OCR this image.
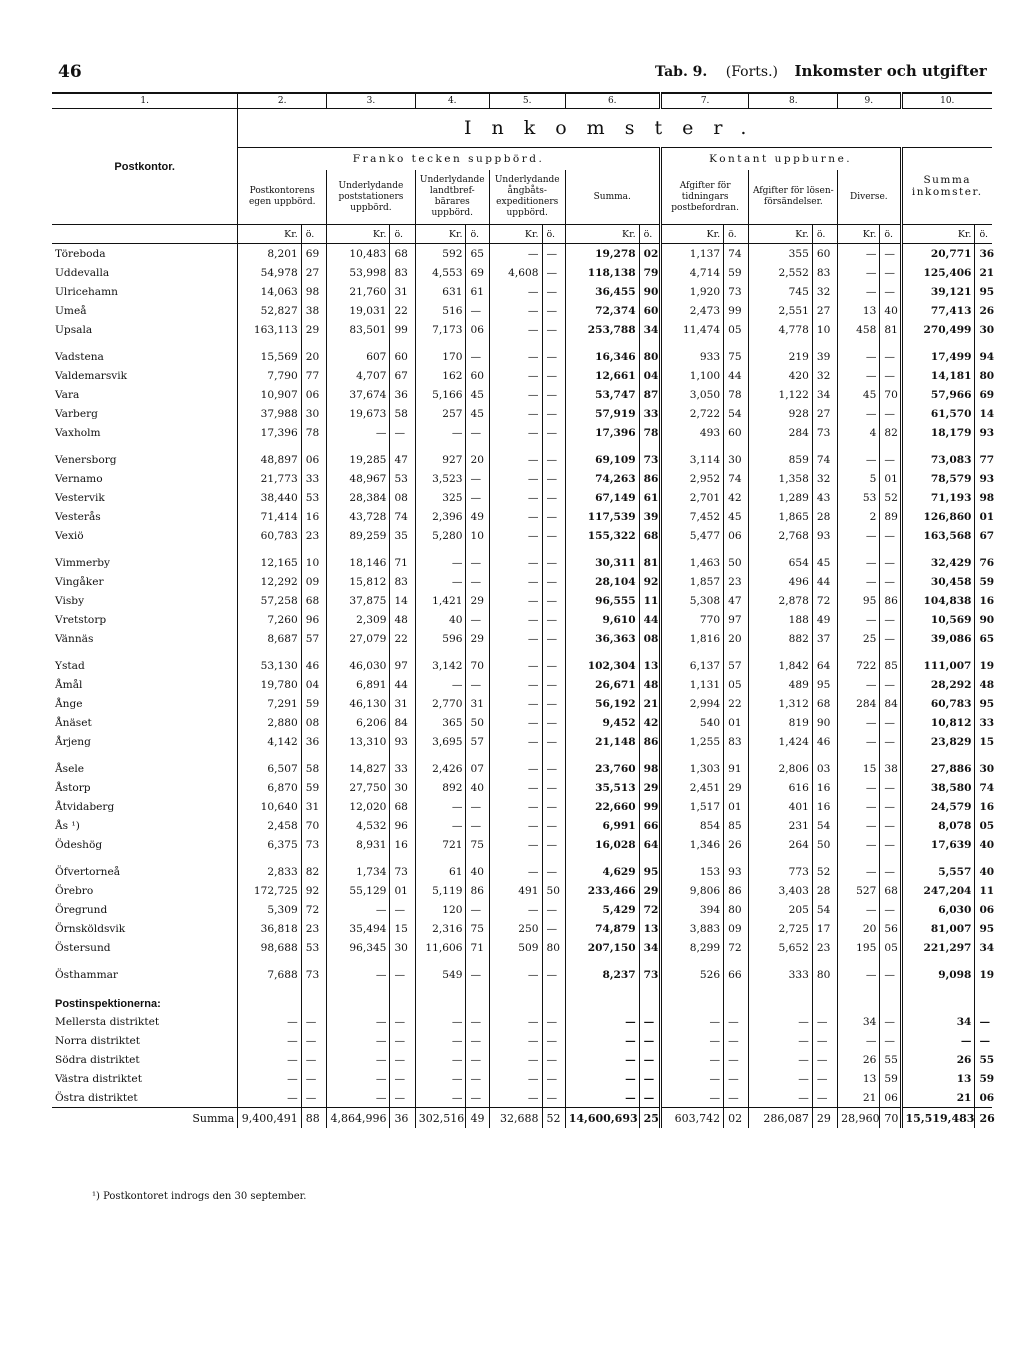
46	Tab. 9. (Forts.) Inkomster och utgifter
1.	2.		3.		4.		5.		6.		7.		8.		9.		10.	
Postkontor.	Inkomster.																	
	Franko tecken suppbörd.										Kontant uppburne.						Summa inkomster.	
	Postkontorens egen uppbörd.		Underlydande poststationers uppbörd.		Underlydande landtbref-bärares uppbörd.		Underlydande ångbåts-expeditioners uppbörd.		Summa.		Afgifter för tidningars postbefordran.		Afgifter för lösen-försändelser.		Diverse.			
	Kr.	ö.	Kr.	ö.	Kr.	ö.	Kr.	ö.	Kr.	ö.	Kr.	ö.	Kr.	ö.	Kr.	ö.	Kr.	ö.
Töreboda	8,201	69	10,483	68	592	65	—	—	19,278	02	1,137	74	355	60	—	—	20,771	36
Uddevalla	54,978	27	53,998	83	4,553	69	4,608	—	118,138	79	4,714	59	2,552	83	—	—	125,406	21
Ulricehamn	14,063	98	21,760	31	631	61	—	—	36,455	90	1,920	73	745	32	—	—	39,121	95
Umeå	52,827	38	19,031	22	516	—	—	—	72,374	60	2,473	99	2,551	27	13	40	77,413	26
Upsala	163,113	29	83,501	99	7,173	06	—	—	253,788	34	11,474	05	4,778	10	458	81	270,499	30

Vadstena	15,569	20	607	60	170	—	—	—	16,346	80	933	75	219	39	—	—	17,499	94
Valdemarsvik	7,790	77	4,707	67	162	60	—	—	12,661	04	1,100	44	420	32	—	—	14,181	80
Vara	10,907	06	37,674	36	5,166	45	—	—	53,747	87	3,050	78	1,122	34	45	70	57,966	69
Varberg	37,988	30	19,673	58	257	45	—	—	57,919	33	2,722	54	928	27	—	—	61,570	14
Vaxholm	17,396	78	—	—	—	—	—	—	17,396	78	493	60	284	73	4	82	18,179	93

Venersborg	48,897	06	19,285	47	927	20	—	—	69,109	73	3,114	30	859	74	—	—	73,083	77
Vernamo	21,773	33	48,967	53	3,523	—	—	—	74,263	86	2,952	74	1,358	32	5	01	78,579	93
Vestervik	38,440	53	28,384	08	325	—	—	—	67,149	61	2,701	42	1,289	43	53	52	71,193	98
Vesterås	71,414	16	43,728	74	2,396	49	—	—	117,539	39	7,452	45	1,865	28	2	89	126,860	01
Vexiö	60,783	23	89,259	35	5,280	10	—	—	155,322	68	5,477	06	2,768	93	—	—	163,568	67

Vimmerby	12,165	10	18,146	71	—	—	—	—	30,311	81	1,463	50	654	45	—	—	32,429	76
Vingåker	12,292	09	15,812	83	—	—	—	—	28,104	92	1,857	23	496	44	—	—	30,458	59
Visby	57,258	68	37,875	14	1,421	29	—	—	96,555	11	5,308	47	2,878	72	95	86	104,838	16
Vretstorp	7,260	96	2,309	48	40	—	—	—	9,610	44	770	97	188	49	—	—	10,569	90
Vännäs	8,687	57	27,079	22	596	29	—	—	36,363	08	1,816	20	882	37	25	—	39,086	65

Ystad	53,130	46	46,030	97	3,142	70	—	—	102,304	13	6,137	57	1,842	64	722	85	111,007	19
Åmål	19,780	04	6,891	44	—	—	—	—	26,671	48	1,131	05	489	95	—	—	28,292	48
Ånge	7,291	59	46,130	31	2,770	31	—	—	56,192	21	2,994	22	1,312	68	284	84	60,783	95
Ånäset	2,880	08	6,206	84	365	50	—	—	9,452	42	540	01	819	90	—	—	10,812	33
Årjeng	4,142	36	13,310	93	3,695	57	—	—	21,148	86	1,255	83	1,424	46	—	—	23,829	15

Åsele	6,507	58	14,827	33	2,426	07	—	—	23,760	98	1,303	91	2,806	03	15	38	27,886	30
Åstorp	6,870	59	27,750	30	892	40	—	—	35,513	29	2,451	29	616	16	—	—	38,580	74
Åtvidaberg	10,640	31	12,020	68	—	—	—	—	22,660	99	1,517	01	401	16	—	—	24,579	16
Ås ¹)	2,458	70	4,532	96	—	—	—	—	6,991	66	854	85	231	54	—	—	8,078	05
Ödeshög	6,375	73	8,931	16	721	75	—	—	16,028	64	1,346	26	264	50	—	—	17,639	40

Öfvertorneå	2,833	82	1,734	73	61	40	—	—	4,629	95	153	93	773	52	—	—	5,557	40
Örebro	172,725	92	55,129	01	5,119	86	491	50	233,466	29	9,806	86	3,403	28	527	68	247,204	11
Öregrund	5,309	72	—	—	120	—	—	—	5,429	72	394	80	205	54	—	—	6,030	06
Örnsköldsvik	36,818	23	35,494	15	2,316	75	250	—	74,879	13	3,883	09	2,725	17	20	56	81,007	95
Östersund	98,688	53	96,345	30	11,606	71	509	80	207,150	34	8,299	72	5,652	23	195	05	221,297	34

Östhammar	7,688	73	—	—	549	—	—	—	8,237	73	526	66	333	80	—	—	9,098	19
Postinspektionerna:																		
Mellersta distriktet	—	—	—	—	—	—	—	—	—	—	—	—	—	—	34	—	34	—
Norra distriktet	—	—	—	—	—	—	—	—	—	—	—	—	—	—	—	—	—	—
Södra distriktet	—	—	—	—	—	—	—	—	—	—	—	—	—	—	26	55	26	55
Västra distriktet	—	—	—	—	—	—	—	—	—	—	—	—	—	—	13	59	13	59
Östra distriktet	—	—	—	—	—	—	—	—	—	—	—	—	—	—	21	06	21	06
Summa	9,400,491	88	4,864,996	36	302,516	49	32,688	52	14,600,693	25	603,742	02	286,087	29	28,960	70	15,519,483	26
¹) Postkontoret indrogs den 30 september.
